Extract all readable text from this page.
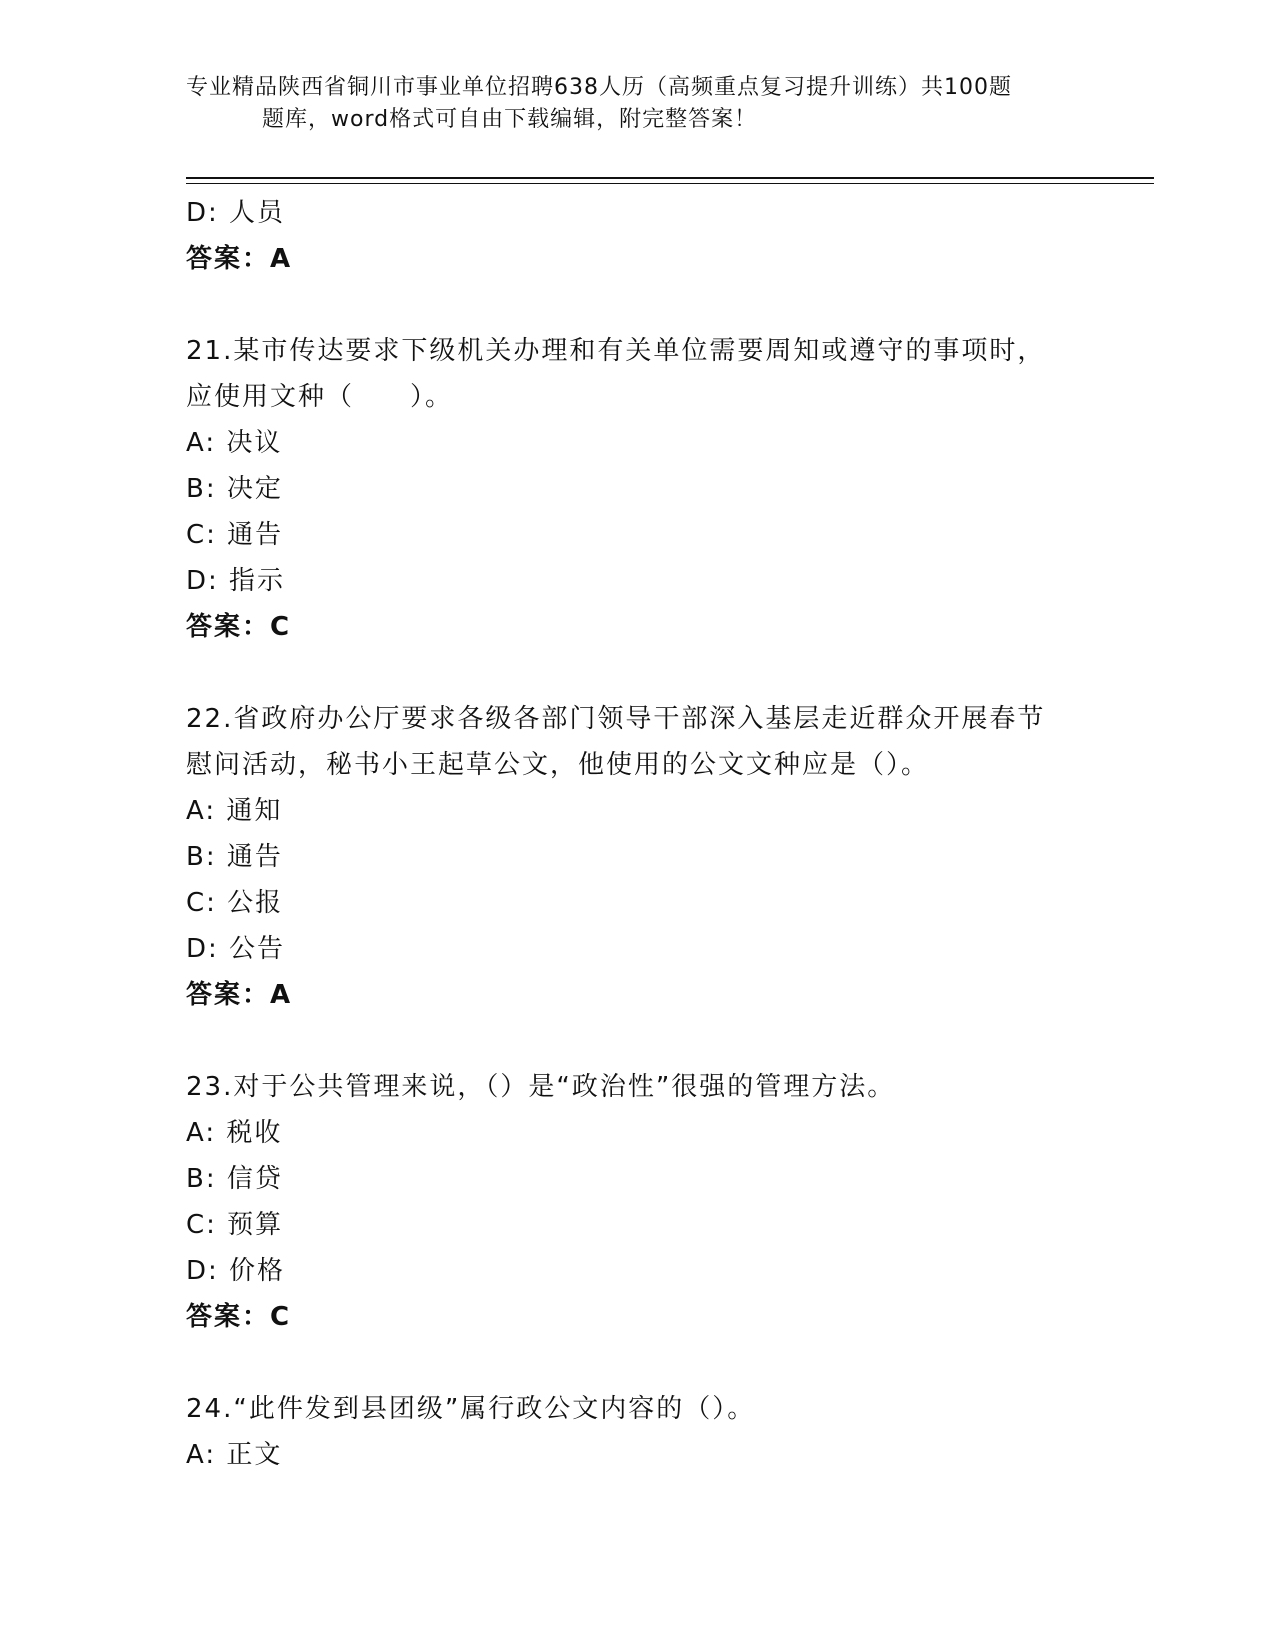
专业精品陕西省铜川市事业单位招聘638人历（高频重点复习提升训练）共100题
题库，word格式可自由下载编辑，附完整答案！
D: 人员
答案：A
21.某市传达要求下级机关办理和有关单位需要周知或遵守的事项时，
应使用文种（　　）。
A: 决议
B: 决定
C: 通告
D: 指示
答案：C
22.省政府办公厅要求各级各部门领导干部深入基层走近群众开展春节
慰问活动，秘书小王起草公文，他使用的公文文种应是（）。
A: 通知
B: 通告
C: 公报
D: 公告
答案：A
23.对于公共管理来说，（）是“政治性”很强的管理方法。
A: 税收
B: 信贷
C: 预算
D: 价格
答案：C
24.“此件发到县团级”属行政公文内容的（）。
A: 正文
